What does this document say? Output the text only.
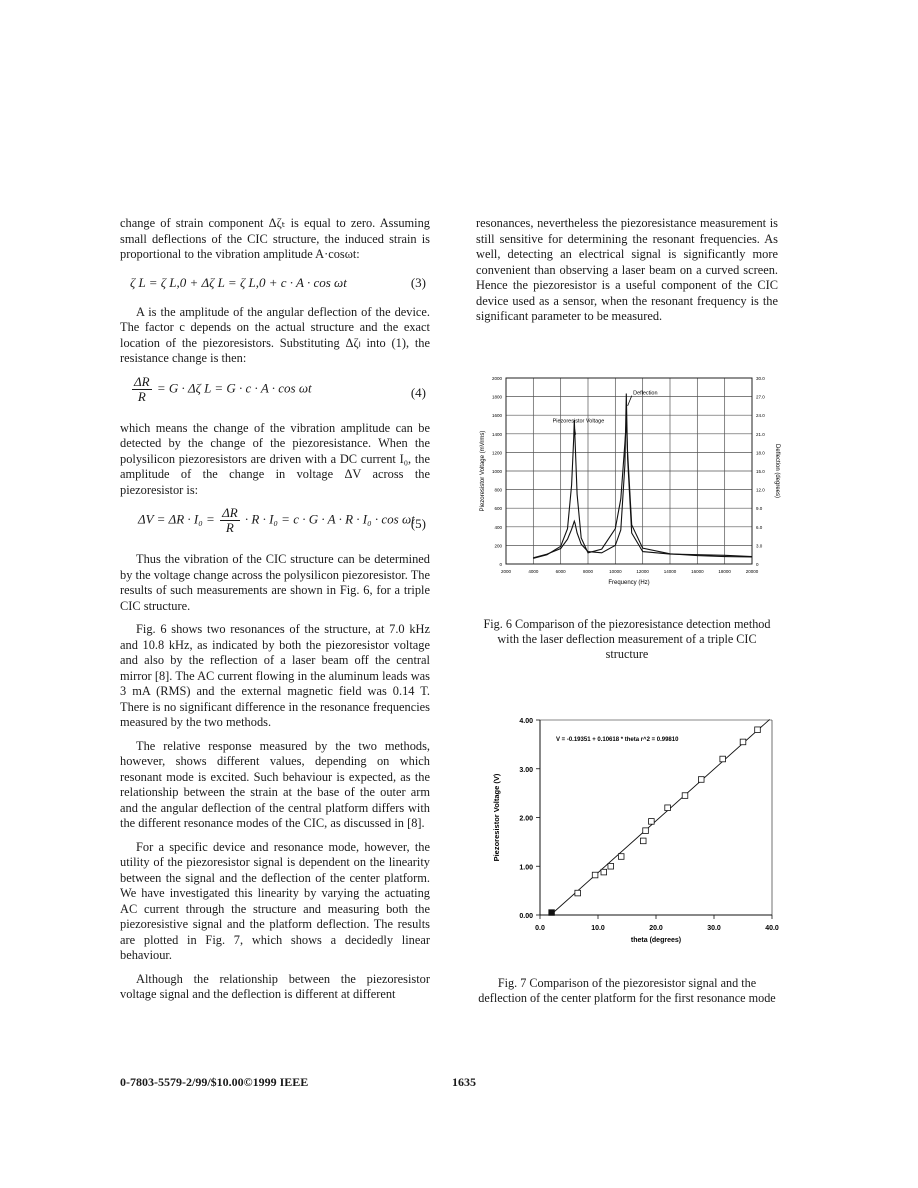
change of strain component Δζₜ is equal to zero. Assuming small deflections of the CIC structure, the induced strain is proportional to the vibration amplitude A·cosωt:

ζ L = ζ L,0 + Δζ L = ζ L,0 + c · A · cos ωt	(3)

A is the amplitude of the angular deflection of the device. The factor c depends on the actual structure and the exact location of the piezoresistors. Substituting Δζₗ into (1), the resistance change is then:

$\frac{\Delta R}{R} = G \cdot \Delta\zeta$ L = G · c · A · cos ωt	(4)

which means the change of the vibration amplitude can be detected by the change of the piezoresistance. When the polysilicon piezoresistors are driven with a DC current I₀, the amplitude of the change in voltage ΔV across the piezoresistor is:

$\Delta V = \Delta R \cdot I_0 = \frac{\Delta R}{R} \cdot R \cdot I_0 = c \cdot G \cdot A \cdot R \cdot I_0 \cdot \cos \omega t$
(5)

Thus the vibration of the CIC structure can be determined by the voltage change across the polysilicon piezoresistor. The results of such measurements are shown in Fig. 6, for a triple CIC structure.

Fig. 6 shows two resonances of the structure, at 7.0 kHz and 10.8 kHz, as indicated by both the piezoresistor voltage and also by the reflection of a laser beam off the central mirror [8]. The AC current flowing in the aluminum leads was 3 mA (RMS) and the external magnetic field was 0.14 T. There is no significant difference in the resonance frequencies measured by the two methods.

The relative response measured by the two methods, however, shows different values, depending on which resonant mode is excited. Such behaviour is expected, as the relationship between the strain at the base of the outer arm and the angular deflection of the central platform differs with the different resonance modes of the CIC, as discussed in [8].

For a specific device and resonance mode, however, the utility of the piezoresistor signal is dependent on the linearity between the signal and the deflection of the center platform. We have investigated this linearity by varying the actuating AC current through the structure and measuring both the piezoresistive signal and the platform deflection. The results are plotted in Fig. 7, which shows a decidedly linear behaviour.

Although the relationship between the piezoresistor voltage signal and the deflection is different at different

resonances, nevertheless the piezoresistance measurement is still sensitive for determining the resonant frequencies. As well, detecting an electrical signal is significantly more convenient than observing a laser beam on a curved screen. Hence the piezoresistor is a useful component of the CIC device used as a sensor, when the resonant frequency is the significant parameter to be measured.

0
200
400
600
800
1000
1200
1400
1600
1800
2000
2000	4000	6000	8000	10000	12000	14000	16000	18000	20000
0
3.0
6.0
9.0
12.0
15.0
18.0
21.0
24.0
27.0
30.0
Frequency (Hz)
Piezoresistor Voltage (mVrms)	Deflection (degrees)
Piezoresistor Voltage
Deflection
Fig. 6 Comparison of the piezoresistance detection method with the laser deflection measurement of a triple CIC structure
0.00
1.00
2.00
3.00
4.00
0.0	10.0	20.0	30.0	40.0
theta (degrees)
Piezoresistor Voltage (V)
V = -0.19351 + 0.10618 * theta r^2 = 0.99810
Fig. 7 Comparison of the piezoresistor signal and the deflection of the center platform for the first resonance mode
0-7803-5579-2/99/$10.00©1999 IEEE	1635
